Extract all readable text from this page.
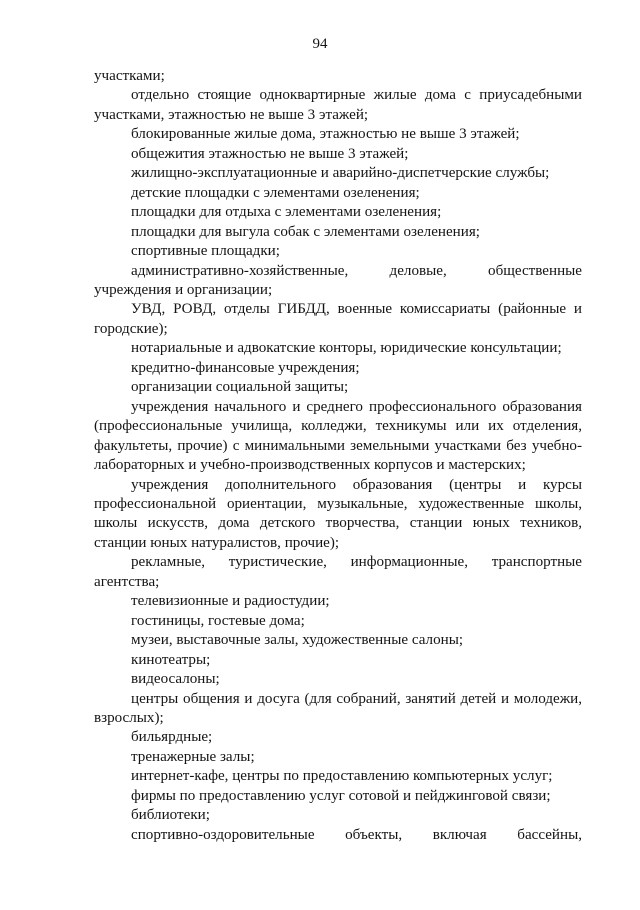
94

участками;

отдельно стоящие одноквартирные жилые дома с приусадебными участками, этажностью не выше 3 этажей;

блокированные жилые дома, этажностью не выше 3 этажей;

общежития этажностью не выше 3 этажей;

жилищно-эксплуатационные и аварийно-диспетчерские службы;

детские площадки с элементами озеленения;

площадки для отдыха с элементами озеленения;

площадки для выгула собак с элементами озеленения;

спортивные площадки;

административно-хозяйственные, деловые, общественные учреждения и организации;

УВД, РОВД, отделы ГИБДД, военные комиссариаты (районные и городские);

нотариальные и адвокатские конторы, юридические консультации;

кредитно-финансовые учреждения;

организации социальной защиты;

учреждения начального и среднего профессионального образования (профессиональные училища, колледжи, техникумы или их отделения, факультеты, прочие) с минимальными земельными участками без учебно-лабораторных и учебно-производственных корпусов и мастерских;

учреждения дополнительного образования (центры и курсы профессиональной ориентации, музыкальные, художественные школы, школы искусств, дома детского творчества, станции юных техников, станции юных натуралистов, прочие);

рекламные, туристические, информационные, транспортные агентства;

телевизионные и радиостудии;

гостиницы, гостевые дома;

музеи, выставочные залы, художественные салоны;

кинотеатры;

видеосалоны;

центры общения и досуга (для собраний, занятий детей и молодежи, взрослых);

бильярдные;

тренажерные залы;

интернет-кафе, центры по предоставлению компьютерных услуг;

фирмы по предоставлению услуг сотовой и пейджинговой связи;

библиотеки;

спортивно-оздоровительные объекты, включая бассейны,
